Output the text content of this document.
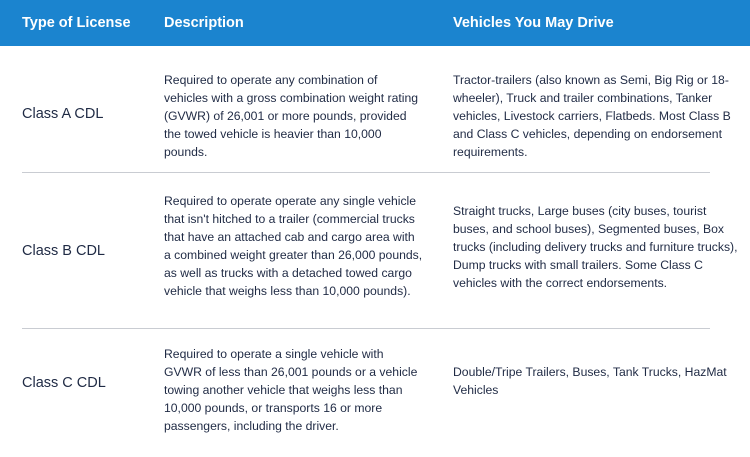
Type of License Description	Vehicles You May Drive
Class A CDL
Required to operate any combination of vehicles with a gross combination weight rating (GVWR) of 26,001 or more pounds, provided the towed vehicle is heavier than 10,000 pounds.
Tractor-trailers (also known as Semi, Big Rig or 18-wheeler), Truck and trailer combinations, Tanker vehicles, Livestock carriers, Flatbeds. Most Class B and Class C vehicles, depending on endorsement requirements.
Class B CDL
Required to operate operate any single vehicle that isn't hitched to a trailer (commercial trucks that have an attached cab and cargo area with a combined weight greater than 26,000 pounds, as well as trucks with a detached towed cargo vehicle that weighs less than 10,000 pounds).
Straight trucks, Large buses (city buses, tourist buses, and school buses), Segmented buses, Box trucks (including delivery trucks and furniture trucks), Dump trucks with small trailers. Some Class C vehicles with the correct endorsements.
Class C CDL
Required to operate a single vehicle with GVWR of less than 26,001 pounds or a vehicle towing another vehicle that weighs less than 10,000 pounds, or transports 16 or more passengers, including the driver.
Double/Tripe Trailers, Buses, Tank Trucks, HazMat Vehicles
